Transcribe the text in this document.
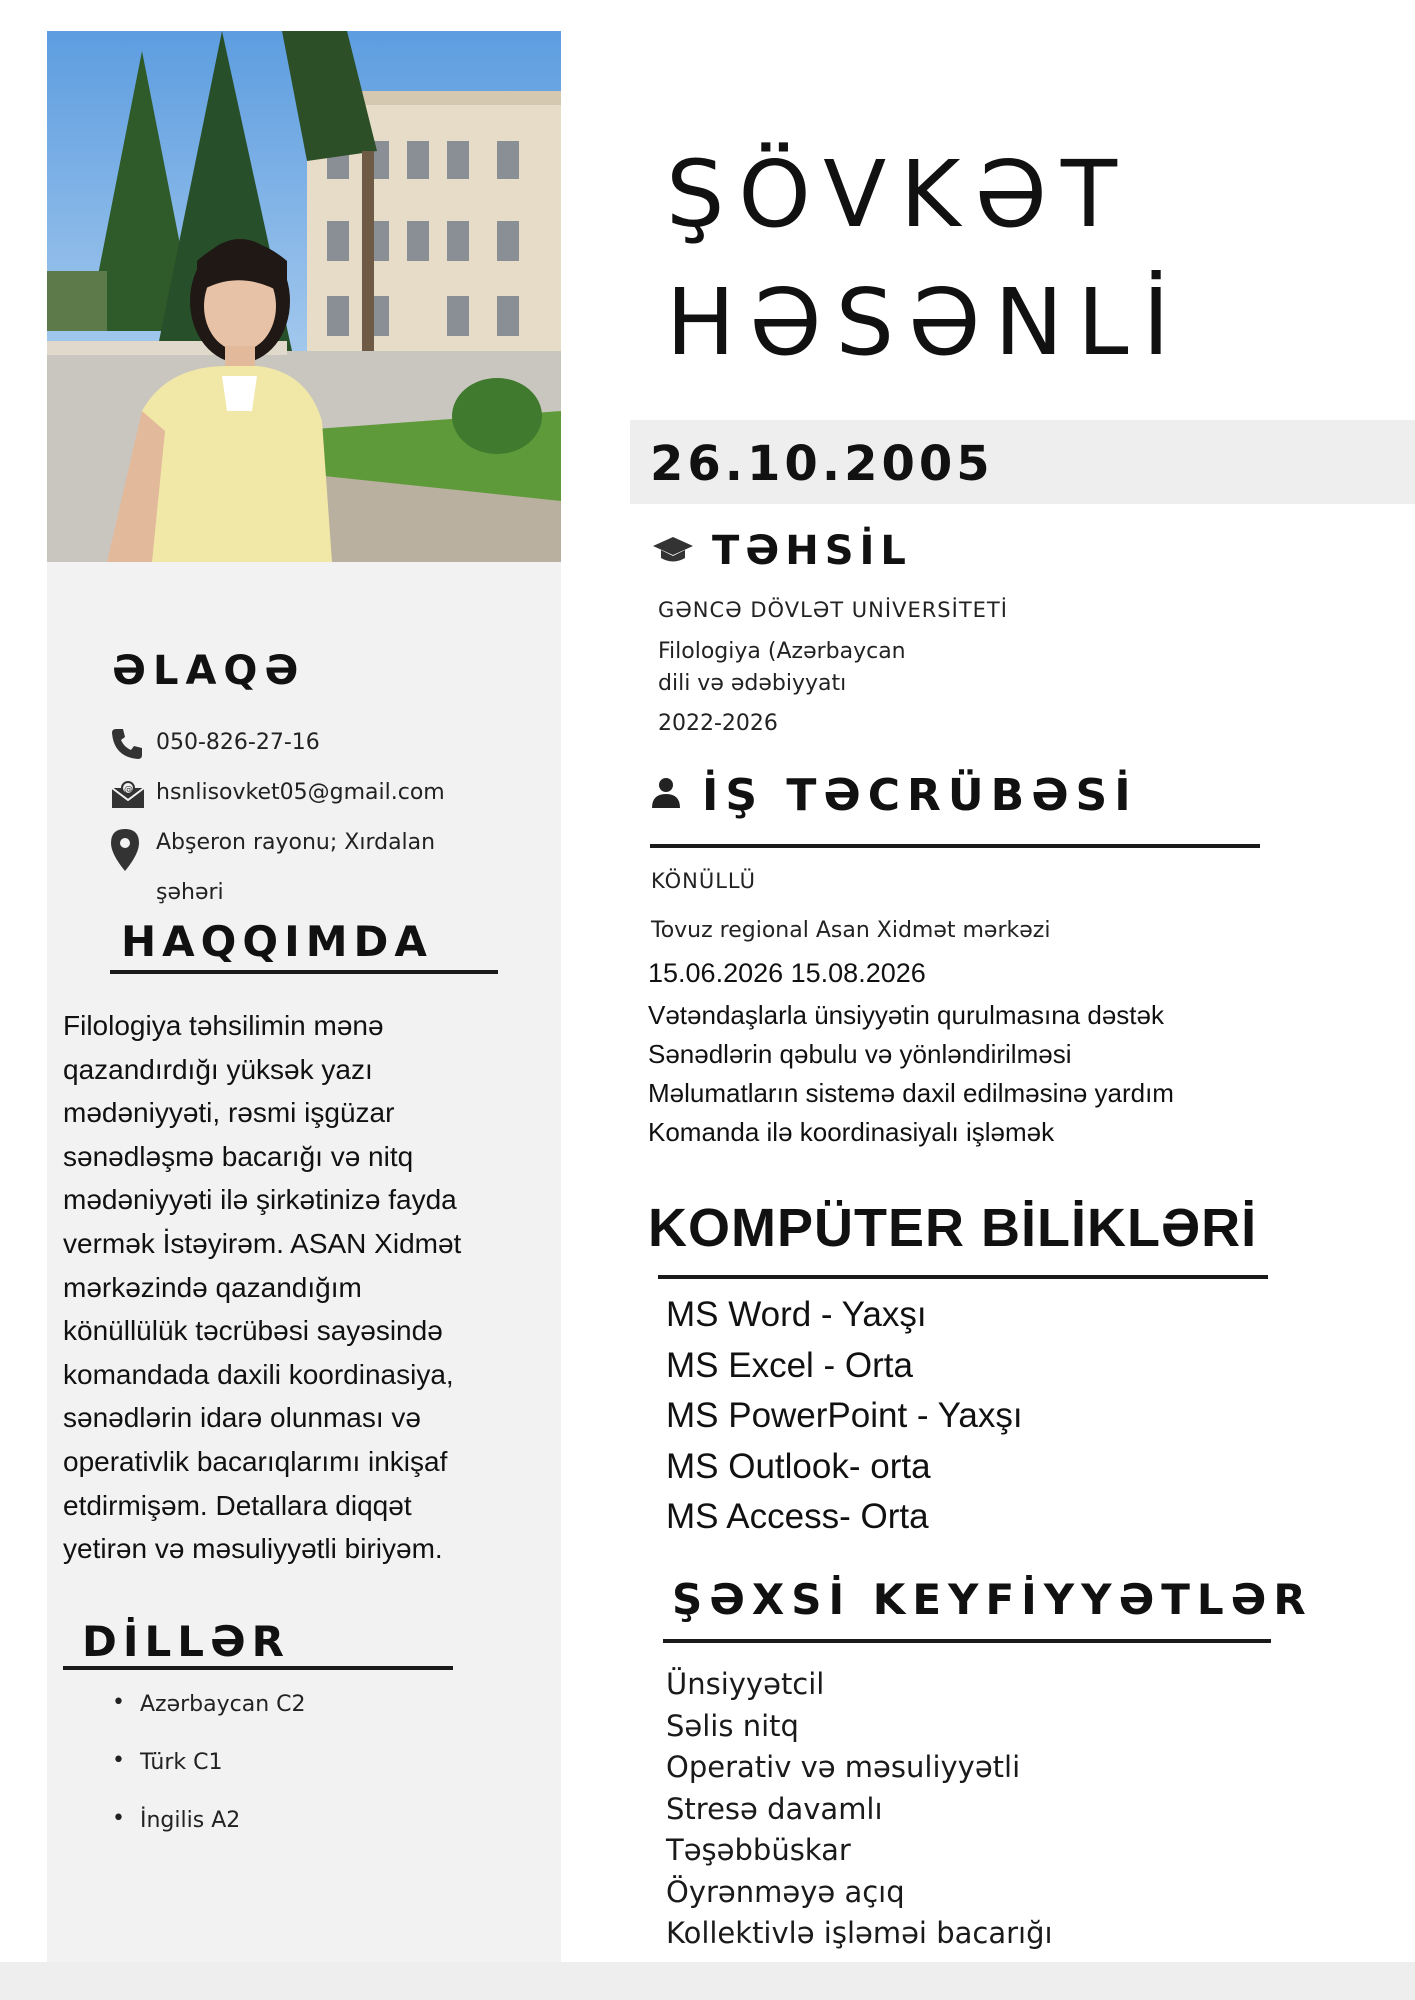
ŞÖVKƏT
HƏSƏNLİ
26.10.2005
TƏHSİL
GƏNCƏ DÖVLƏT UNİVERSİTETİ
Filologiya (Azərbaycan
dili və ədəbiyyatı
2022-2026
İŞ TƏCRÜBƏSİ
KÖNÜLLÜ
Tovuz regional Asan Xidmət mərkəzi
15.06.2026 15.08.2026
Vətəndaşlarla ünsiyyətin qurulmasına dəstək
Sənədlərin qəbulu və yönləndirilməsi
Məlumatların sistemə daxil edilməsinə yardım
Komanda ilə koordinasiyalı işləmək
KOMPÜTER BİLİKLƏRİ
MS Word - Yaxşı
MS Excel - Orta
MS PowerPoint - Yaxşı
MS Outlook- orta
MS Access- Orta
ŞƏXSİ KEYFİYYƏTLƏR
Ünsiyyətcil
Səlis nitq
Operativ və məsuliyyətli
Stresə davamlı
Təşəbbüskar
Öyrənməyə açıq
Kollektivlə işləməi bacarığı
ƏLAQƏ
050-826-27-16
@ hsnlisovket05@gmail.com
Abşeron rayonu; Xırdalan
şəhəri
HAQQIMDA
Filologiya təhsilimin mənə
qazandırdığı yüksək yazı
mədəniyyəti, rəsmi işgüzar
sənədləşmə bacarığı və nitq
mədəniyyəti ilə şirkətinizə fayda
vermək İstəyirəm. ASAN Xidmət
mərkəzində qazandığım
könüllülük təcrübəsi sayəsində
komandada daxili koordinasiya,
sənədlərin idarə olunması və
operativlik bacarıqlarımı inkişaf
etdirmişəm. Detallara diqqət
yetirən və məsuliyyətli biriyəm.
DİLLƏR
• Azərbaycan C2
• Türk C1
• İngilis A2
